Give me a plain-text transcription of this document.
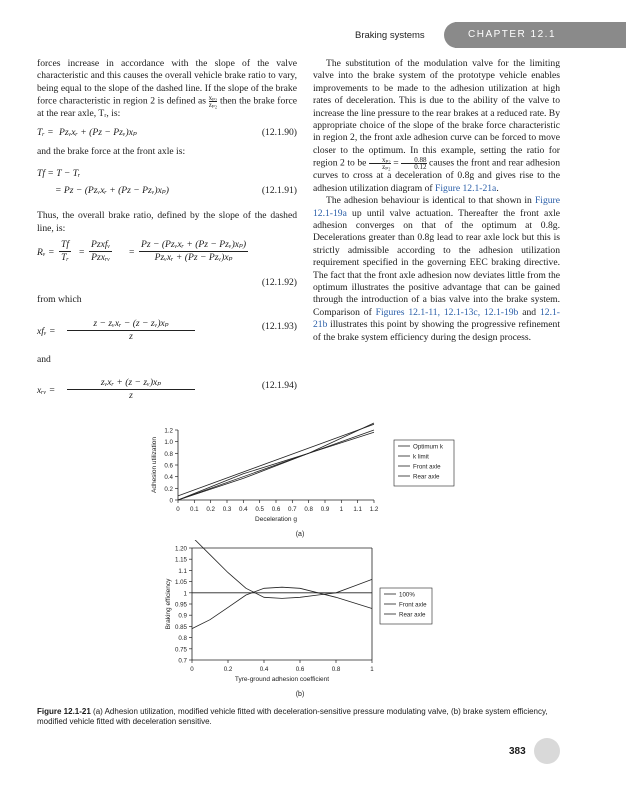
Braking systems	CHAPTER 12.1

forces increase in accordance with the slope of the valve characteristic and this causes the overall vehicle brake ratio to vary, being equal to the slope of the dashed line. If the slope of the brake force characteristic in region 2 is defined as $\frac{\text{xₚ₂}}{\text{zₚ₂}}$ then the brake force at the rear axle, Tᵣ, is:

Tᵣ = Pzᵥxᵣ + (Pz − Pzᵥ)xₚ	(12.1.90)

and the brake force at the front axle is:

Tf = T − Tᵣ
= Pz − (Pzᵥxᵣ + (Pz − Pzᵥ)xₚ)	(12.1.91)

Thus, the overall brake ratio, defined by the slope of the dashed line, is:

Rᵥ = $\frac{Tf}{\text{Tᵣ}}$ =
Pzxfᵥ
Pzxᵣᵥ =
Pz − (Pzᵥxᵣ + (Pz − Pzᵥ)xₚ)
Pzᵥxᵣ + (Pz − Pzᵥ)xₚ
(12.1.92)

from which

xfᵥ =
z − zᵥxᵣ − (z − zᵥ)xₚ
z
(12.1.93)

and

xᵣᵥ =
zᵥxᵣ + (z − zᵥ)xₚ
z
(12.1.94)

The substitution of the modulation valve for the limiting valve into the brake system of the prototype vehicle enables improvements to be made to the adhesion utilization at high rates of deceleration. This is due to the ability of the valve to increase the line pressure to the rear brakes at a reduced rate. By appropriate choice of the slope of the brake force characteristic in region 2, the front axle adhesion curve can be forced to move closer to the optimum. In this example, setting the ratio for region 2 to be $\frac{\text{xₚ₂}}{\text{zₚ₂}} = \frac{0.88}{0.12}$ causes the front and rear adhesion curves to cross at a deceleration of 0.8g and gives rise to the adhesion utilization diagram of Figure 12.1-21a.

The adhesion behaviour is identical to that shown in Figure 12.1-19a up until valve actuation. Thereafter the front axle adhesion converges on that of the optimum at 0.8g. Decelerations greater than 0.8g lead to rear axle lock but this is strictly admissible according to the adhesion utilization requirement specified in the governing EEC braking directive. The fact that the front axle adhesion now deviates little from the optimum illustrates the positive advantage that can be gained through the introduction of a bias valve into the brake system. Comparison of Figures 12.1-11, 12.1-13c, 12.1-19b and 12.1-21b illustrates this point by showing the progressive refinement of the brake system efficiency during the design process.

0
0.2
0.4
0.6
0.8
1.0
1.2
0 0.1 0.2 0.3 0.4 0.5 0.6 0.7 0.8 0.9 1 1.1 1.2
Deceleration g
Adhesion utilization	Optimum k
k limit
Front axle
Rear axle
(a)
0.7
0.75
0.8
0.85
0.9
0.95
1
1.05
1.1
1.15
1.20
0	0.2	0.4	0.6	0.8	1
Tyre-ground adhesion coefficient
Braking efficiency	100%
Front axle
Rear axle
(b)
Figure 12.1-21 (a) Adhesion utilization, modified vehicle fitted with deceleration-sensitive pressure modulating valve, (b) brake system efficiency, modified vehicle fitted with deceleration sensitive.
383
